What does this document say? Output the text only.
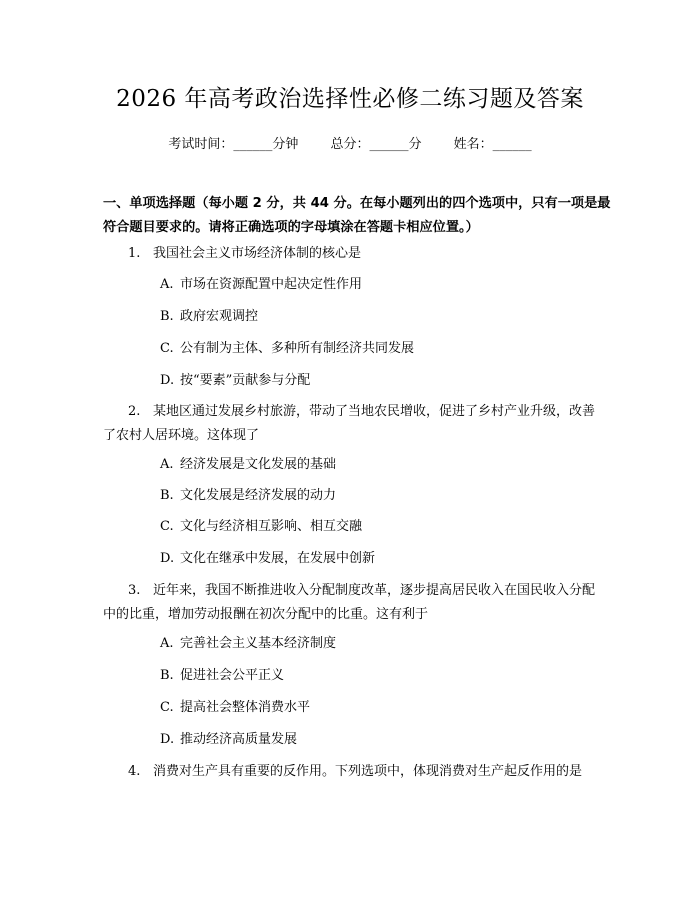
2026 年高考政治选择性必修二练习题及答案
考试时间：______分钟 总分：______分 姓名：______
一、单项选择题（每小题 2 分，共 44 分。在每小题列出的四个选项中，只有一项是最符合题目要求的。请将正确选项的字母填涂在答题卡相应位置。）
1. 我国社会主义市场经济体制的核心是
A. 市场在资源配置中起决定性作用
B. 政府宏观调控
C. 公有制为主体、多种所有制经济共同发展
D. 按“要素”贡献参与分配
2. 某地区通过发展乡村旅游，带动了当地农民增收，促进了乡村产业升级，改善了农村人居环境。这体现了
A. 经济发展是文化发展的基础
B. 文化发展是经济发展的动力
C. 文化与经济相互影响、相互交融
D. 文化在继承中发展，在发展中创新
3. 近年来，我国不断推进收入分配制度改革，逐步提高居民收入在国民收入分配中的比重，增加劳动报酬在初次分配中的比重。这有利于
A. 完善社会主义基本经济制度
B. 促进社会公平正义
C. 提高社会整体消费水平
D. 推动经济高质量发展
4. 消费对生产具有重要的反作用。下列选项中，体现消费对生产起反作用的是
